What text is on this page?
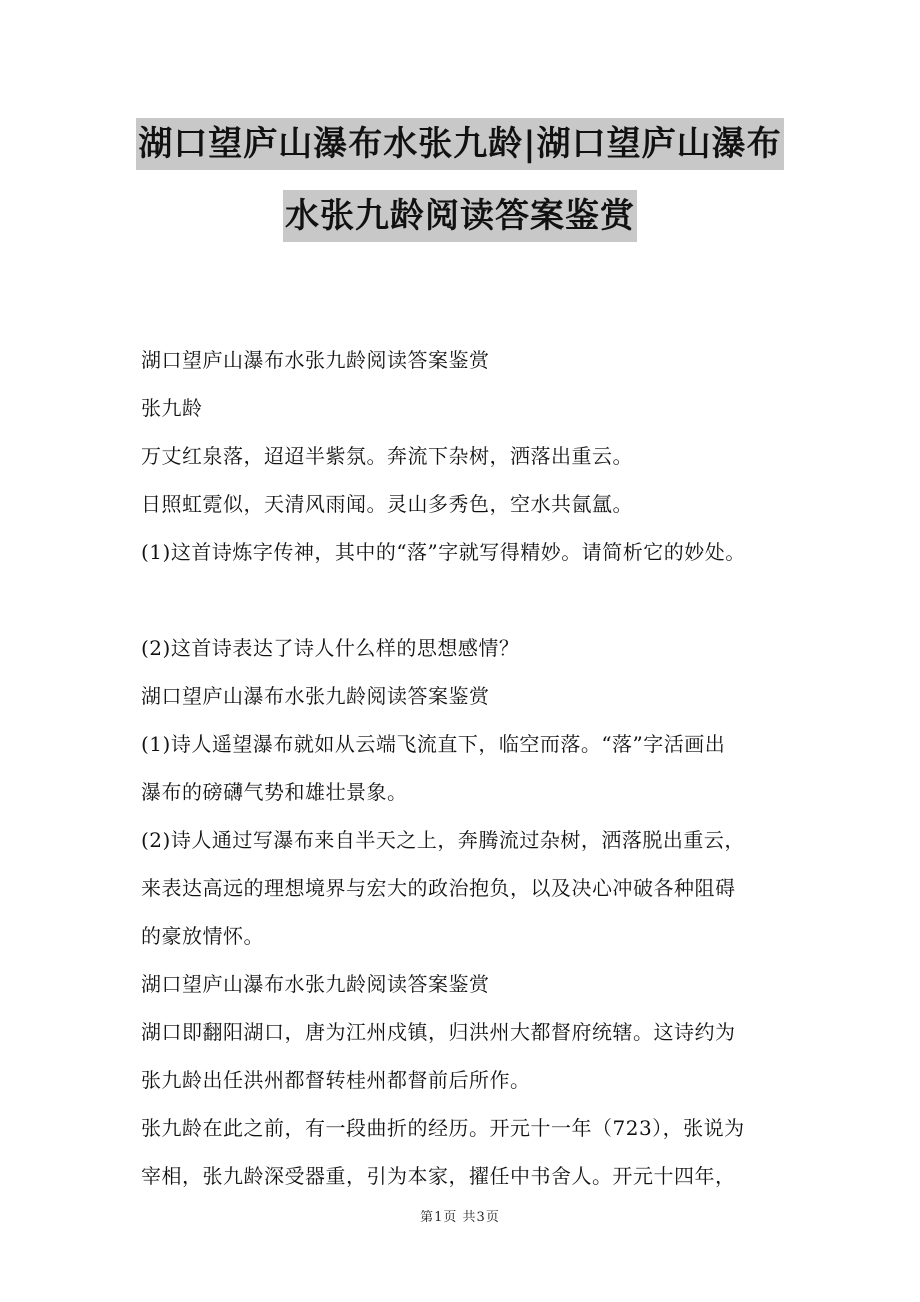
湖口望庐山瀑布水张九龄|湖口望庐山瀑布
水张九龄阅读答案鉴赏

湖口望庐山瀑布水张九龄阅读答案鉴赏

张九龄

万丈红泉落，迢迢半紫氛。奔流下杂树，洒落出重云。

日照虹霓似，天清风雨闻。灵山多秀色，空水共氤氲。

(1)这首诗炼字传神，其中的“落”字就写得精妙。请简析它的妙处。

(2)这首诗表达了诗人什么样的思想感情？

湖口望庐山瀑布水张九龄阅读答案鉴赏

(1)诗人遥望瀑布就如从云端飞流直下，临空而落。“落”字活画出

瀑布的磅礴气势和雄壮景象。

(2)诗人通过写瀑布来自半天之上，奔腾流过杂树，洒落脱出重云，

来表达高远的理想境界与宏大的政治抱负，以及决心冲破各种阻碍

的豪放情怀。

湖口望庐山瀑布水张九龄阅读答案鉴赏

湖口即翻阳湖口，唐为江州戍镇，归洪州大都督府统辖。这诗约为

张九龄出任洪州都督转桂州都督前后所作。

张九龄在此之前，有一段曲折的经历。开元十一年（723），张说为

宰相，张九龄深受器重，引为本家，擢任中书舍人。开元十四年，

第1页 共3页
